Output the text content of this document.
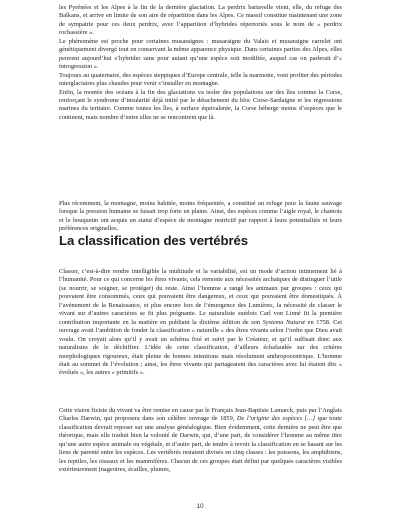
les Pyrénées et les Alpes à la fin de la dernière glaciation. La perdrix bartavelle vient, elle, du refuge des Balkans, et arrive en limite de son aire de répartition dans les Alpes. Ce massif constitue maintenant une zone de sympatrie pour ces deux perdrix, avec l’apparition d’hybrides répertoriés sous le nom de « perdrix rochassière ».

Le phénomène est proche pour certaines musaraignes : musaraigne du Valais et musaraigne carrelet ont génétiquement divergé tout en conservant la même apparence physique. Dans certaines parties des Alpes, elles peuvent aujourd’hui s’hybrider sans pour autant qu’une espèce soit modifiée, auquel cas on parlerait d’« introgression ».

Toujours au quaternaire, des espèces steppiques d’Europe centrale, telle la marmotte, vont profiter des périodes interglaciaires plus chaudes pour venir s’installer en montagne.

Enfin, la montée des océans à la fin des glaciations va isoler des populations sur des îles comme la Corse, renforçant le syndrome d’insularité déjà initié par le détachement du bloc Corse-Sardaigne et les régressions marines du tertiaire. Comme toutes les îles, à surface équivalente, la Corse héberge moins d’espèces que le continent, mais nombre d’entre elles ne se rencontrent que là.

Plus récemment, la montagne, moins habitée, moins fréquentée, a constitué un refuge pour la faune sauvage lorsque la pression humaine se faisait trop forte en plaine. Ainsi, des espèces comme l’aigle royal, le chamois et le bouquetin ont acquis un statut d’espèce de montagne restrictif par rapport à leurs potentialités et leurs préférences originelles.

La classification des vertébrés

Classer, c’est-à-dire rendre intelligible la multitude et la variabilité, est un mode d’action intimement lié à l’humanité. Pour ce qui concerne les êtres vivants, cela remonte aux nécessités archaïques de distinguer l’utile (se nourrir, se soigner, se protéger) du reste. Ainsi l’homme a rangé les animaux par groupes : ceux qui pouvaient être consommés, ceux qui pouvaient être dangereux, et ceux qui pouvaient être domestiqués. À l’avènement de la Renaissance, et plus encore lors de l’émergence des Lumières, la nécessité de classer le vivant sur d’autres caractères se fit plus prégnante. Le naturaliste suédois Carl von Linné fit la première contribution importante en la matière en publiant la dixième édition de son Systema Naturæ en 1758. Cet ouvrage avait l’ambition de fonder la classification « naturelle » des êtres vivants selon l’ordre que Dieu avait voulu. On croyait alors qu’il y avait un schéma fixé et suivi par le Créateur, et qu’il suffisait donc aux naturalistes de le déchiffrer. L’idée de cette classification, d’ailleurs échafaudée sur des critères morphologiques rigoureux, était pleine de bonnes intentions mais résolument anthropocentrique. L’homme était au sommet de l’évolution ; ainsi, les êtres vivants qui partageaient des caractères avec lui étaient dits « évolués », les autres « primitifs ».

Cette vision fixiste du vivant va être remise en cause par le Français Jean-Baptiste Lamarck, puis par l’Anglais Charles Darwin, qui proposera dans son célèbre ouvrage de 1859, De l’origine des espèces […] que toute classification devrait reposer sur une analyse généalogique. Bien évidemment, cette dernière ne peut être que théorique, mais elle traduit bien la volonté de Darwin, qui, d’une part, de considérer l’homme au même titre qu’une autre espèce animale ou végétale, et d’autre part, de tendre à revoir la classification en se basant sur les liens de parenté entre les espèces. Les vertébrés restaient divisés en cinq classes : les poissons, les amphibiens, les reptiles, les oiseaux et les mammifères. Chacun de ces groupes était défini par quelques caractères visibles extérieurement (nageoires, écailles, plumes,

10
